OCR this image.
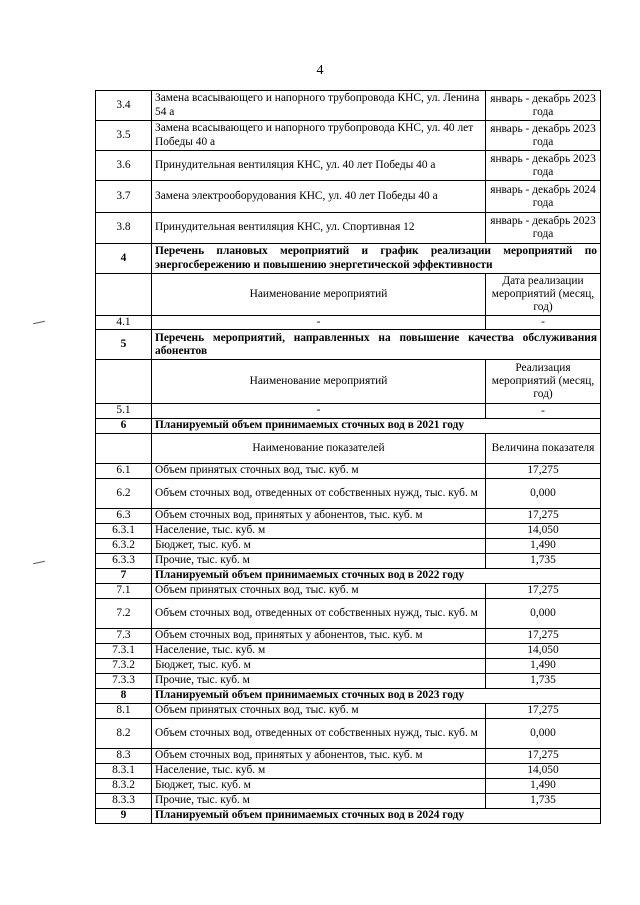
4
3.4	Замена всасывающего и напорного трубопровода КНС, ул. Ленина 54 а	январь - декабрь 2023 года
3.5	Замена всасывающего и напорного трубопровода КНС, ул. 40 лет Победы 40 а	январь - декабрь 2023 года
3.6	Принудительная вентиляция КНС, ул. 40 лет Победы 40 а	январь - декабрь 2023 года
3.7	Замена электрооборудования КНС, ул. 40 лет Победы 40 а	январь - декабрь 2024 года
3.8	Принудительная вентиляция КНС, ул. Спортивная 12	январь - декабрь 2023 года
4	Перечень плановых мероприятий и график реализации мероприятий по энергосбережению и повышению энергетической эффективности	
	Наименование мероприятий	Дата реализации мероприятий (месяц, год)
4.1	-	-
5	Перечень мероприятий, направленных на повышение качества обслуживания абонентов	
	Наименование мероприятий	Реализация мероприятий (месяц, год)
5.1	-	-
6	Планируемый объем принимаемых сточных вод в 2021 году	
	Наименование показателей	Величина показателя
6.1	Объем принятых сточных вод, тыс. куб. м	17,275
6.2	Объем сточных вод, отведенных от собственных нужд, тыс. куб. м	0,000
6.3	Объем сточных вод, принятых у абонентов, тыс. куб. м	17,275
6.3.1	Население, тыс. куб. м	14,050
6.3.2	Бюджет, тыс. куб. м	1,490
6.3.3	Прочие, тыс. куб. м	1,735
7	Планируемый объем принимаемых сточных вод в 2022 году	
7.1	Объем принятых сточных вод, тыс. куб. м	17,275
7.2	Объем сточных вод, отведенных от собственных нужд, тыс. куб. м	0,000
7.3	Объем сточных вод, принятых у абонентов, тыс. куб. м	17,275
7.3.1	Население, тыс. куб. м	14,050
7.3.2	Бюджет, тыс. куб. м	1,490
7.3.3	Прочие, тыс. куб. м	1,735
8	Планируемый объем принимаемых сточных вод в 2023 году	
8.1	Объем принятых сточных вод, тыс. куб. м	17,275
8.2	Объем сточных вод, отведенных от собственных нужд, тыс. куб. м	0,000
8.3	Объем сточных вод, принятых у абонентов, тыс. куб. м	17,275
8.3.1	Население, тыс. куб. м	14,050
8.3.2	Бюджет, тыс. куб. м	1,490
8.3.3	Прочие, тыс. куб. м	1,735
9	Планируемый объем принимаемых сточных вод в 2024 году	
